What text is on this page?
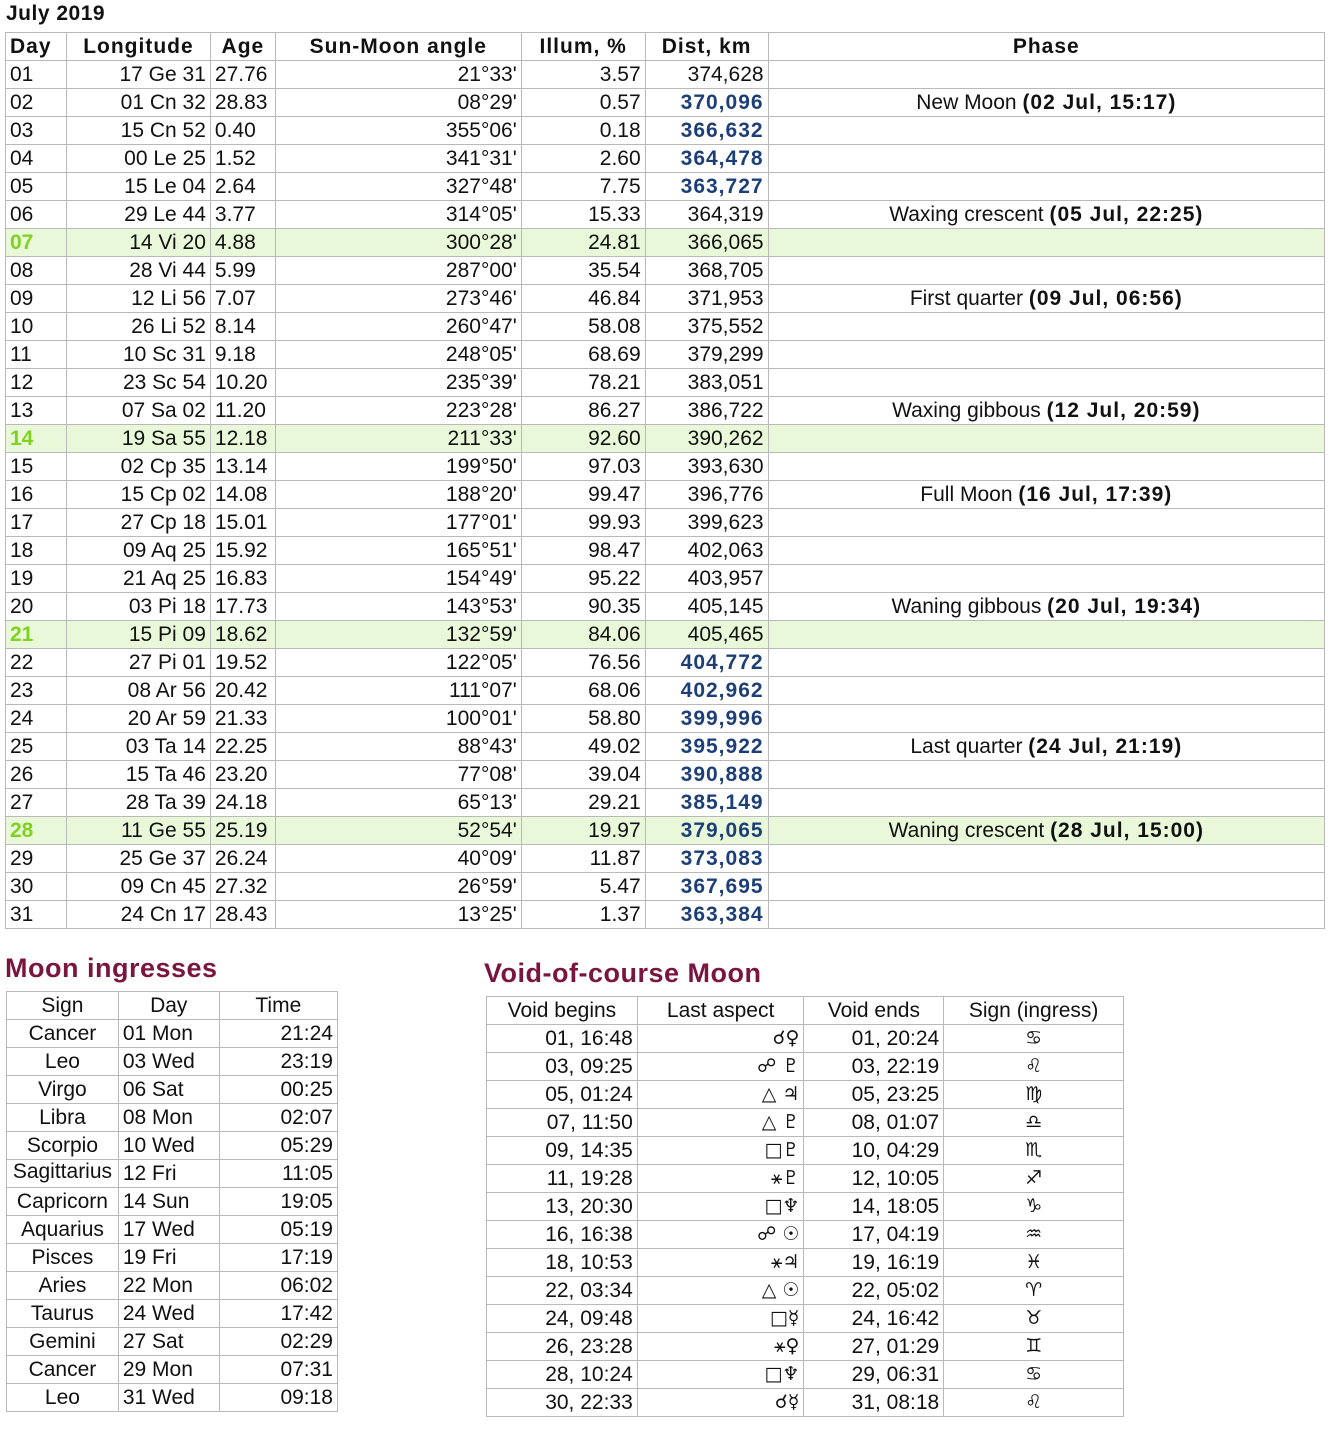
July 2019
Day	Longitude	Age	Sun-Moon angle	Illum, %	Dist, km	Phase
01	17 Ge 31	27.76	21°33'	3.57	374,628	
02	01 Cn 32	28.83	08°29'	0.57	370,096	New Moon (02 Jul, 15:17)
03	15 Cn 52	0.40	355°06'	0.18	366,632	
04	00 Le 25	1.52	341°31'	2.60	364,478	
05	15 Le 04	2.64	327°48'	7.75	363,727	
06	29 Le 44	3.77	314°05'	15.33	364,319	Waxing crescent (05 Jul, 22:25)
07	14 Vi 20	4.88	300°28'	24.81	366,065	
08	28 Vi 44	5.99	287°00'	35.54	368,705	
09	12 Li 56	7.07	273°46'	46.84	371,953	First quarter (09 Jul, 06:56)
10	26 Li 52	8.14	260°47'	58.08	375,552	
11	10 Sc 31	9.18	248°05'	68.69	379,299	
12	23 Sc 54	10.20	235°39'	78.21	383,051	
13	07 Sa 02	11.20	223°28'	86.27	386,722	Waxing gibbous (12 Jul, 20:59)
14	19 Sa 55	12.18	211°33'	92.60	390,262	
15	02 Cp 35	13.14	199°50'	97.03	393,630	
16	15 Cp 02	14.08	188°20'	99.47	396,776	Full Moon (16 Jul, 17:39)
17	27 Cp 18	15.01	177°01'	99.93	399,623	
18	09 Aq 25	15.92	165°51'	98.47	402,063	
19	21 Aq 25	16.83	154°49'	95.22	403,957	
20	03 Pi 18	17.73	143°53'	90.35	405,145	Waning gibbous (20 Jul, 19:34)
21	15 Pi 09	18.62	132°59'	84.06	405,465	
22	27 Pi 01	19.52	122°05'	76.56	404,772	
23	08 Ar 56	20.42	111°07'	68.06	402,962	
24	20 Ar 59	21.33	100°01'	58.80	399,996	
25	03 Ta 14	22.25	88°43'	49.02	395,922	Last quarter (24 Jul, 21:19)
26	15 Ta 46	23.20	77°08'	39.04	390,888	
27	28 Ta 39	24.18	65°13'	29.21	385,149	
28	11 Ge 55	25.19	52°54'	19.97	379,065	Waning crescent (28 Jul, 15:00)
29	25 Ge 37	26.24	40°09'	11.87	373,083	
30	09 Cn 45	27.32	26°59'	5.47	367,695	
31	24 Cn 17	28.43	13°25'	1.37	363,384	
Moon ingresses
Sign	Day	Time
Cancer	01 Mon	21:24
Leo	03 Wed	23:19
Virgo	06 Sat	00:25
Libra	08 Mon	02:07
Scorpio	10 Wed	05:29
Sagittarius	12 Fri	11:05
Capricorn	14 Sun	19:05
Aquarius	17 Wed	05:19
Pisces	19 Fri	17:19
Aries	22 Mon	06:02
Taurus	24 Wed	17:42
Gemini	27 Sat	02:29
Cancer	29 Mon	07:31
Leo	31 Wed	09:18
Void-of-course Moon
Void begins	Last aspect	Void ends	Sign (ingress)
01, 16:48	☌♀	01, 20:24	♋
03, 09:25	☍ ♇	03, 22:19	♌
05, 01:24	△ ♃	05, 23:25	♍
07, 11:50	△ ♇	08, 01:07	♎
09, 14:35	□♇	10, 04:29	♏
11, 19:28	⚹♇	12, 10:05	♐
13, 20:30	□♆	14, 18:05	♑
16, 16:38	☍ ☉	17, 04:19	♒
18, 10:53	⚹♃	19, 16:19	♓
22, 03:34	△ ☉	22, 05:02	♈
24, 09:48	□☿	24, 16:42	♉
26, 23:28	⚹♀	27, 01:29	♊
28, 10:24	□♆	29, 06:31	♋
30, 22:33	☌☿	31, 08:18	♌
